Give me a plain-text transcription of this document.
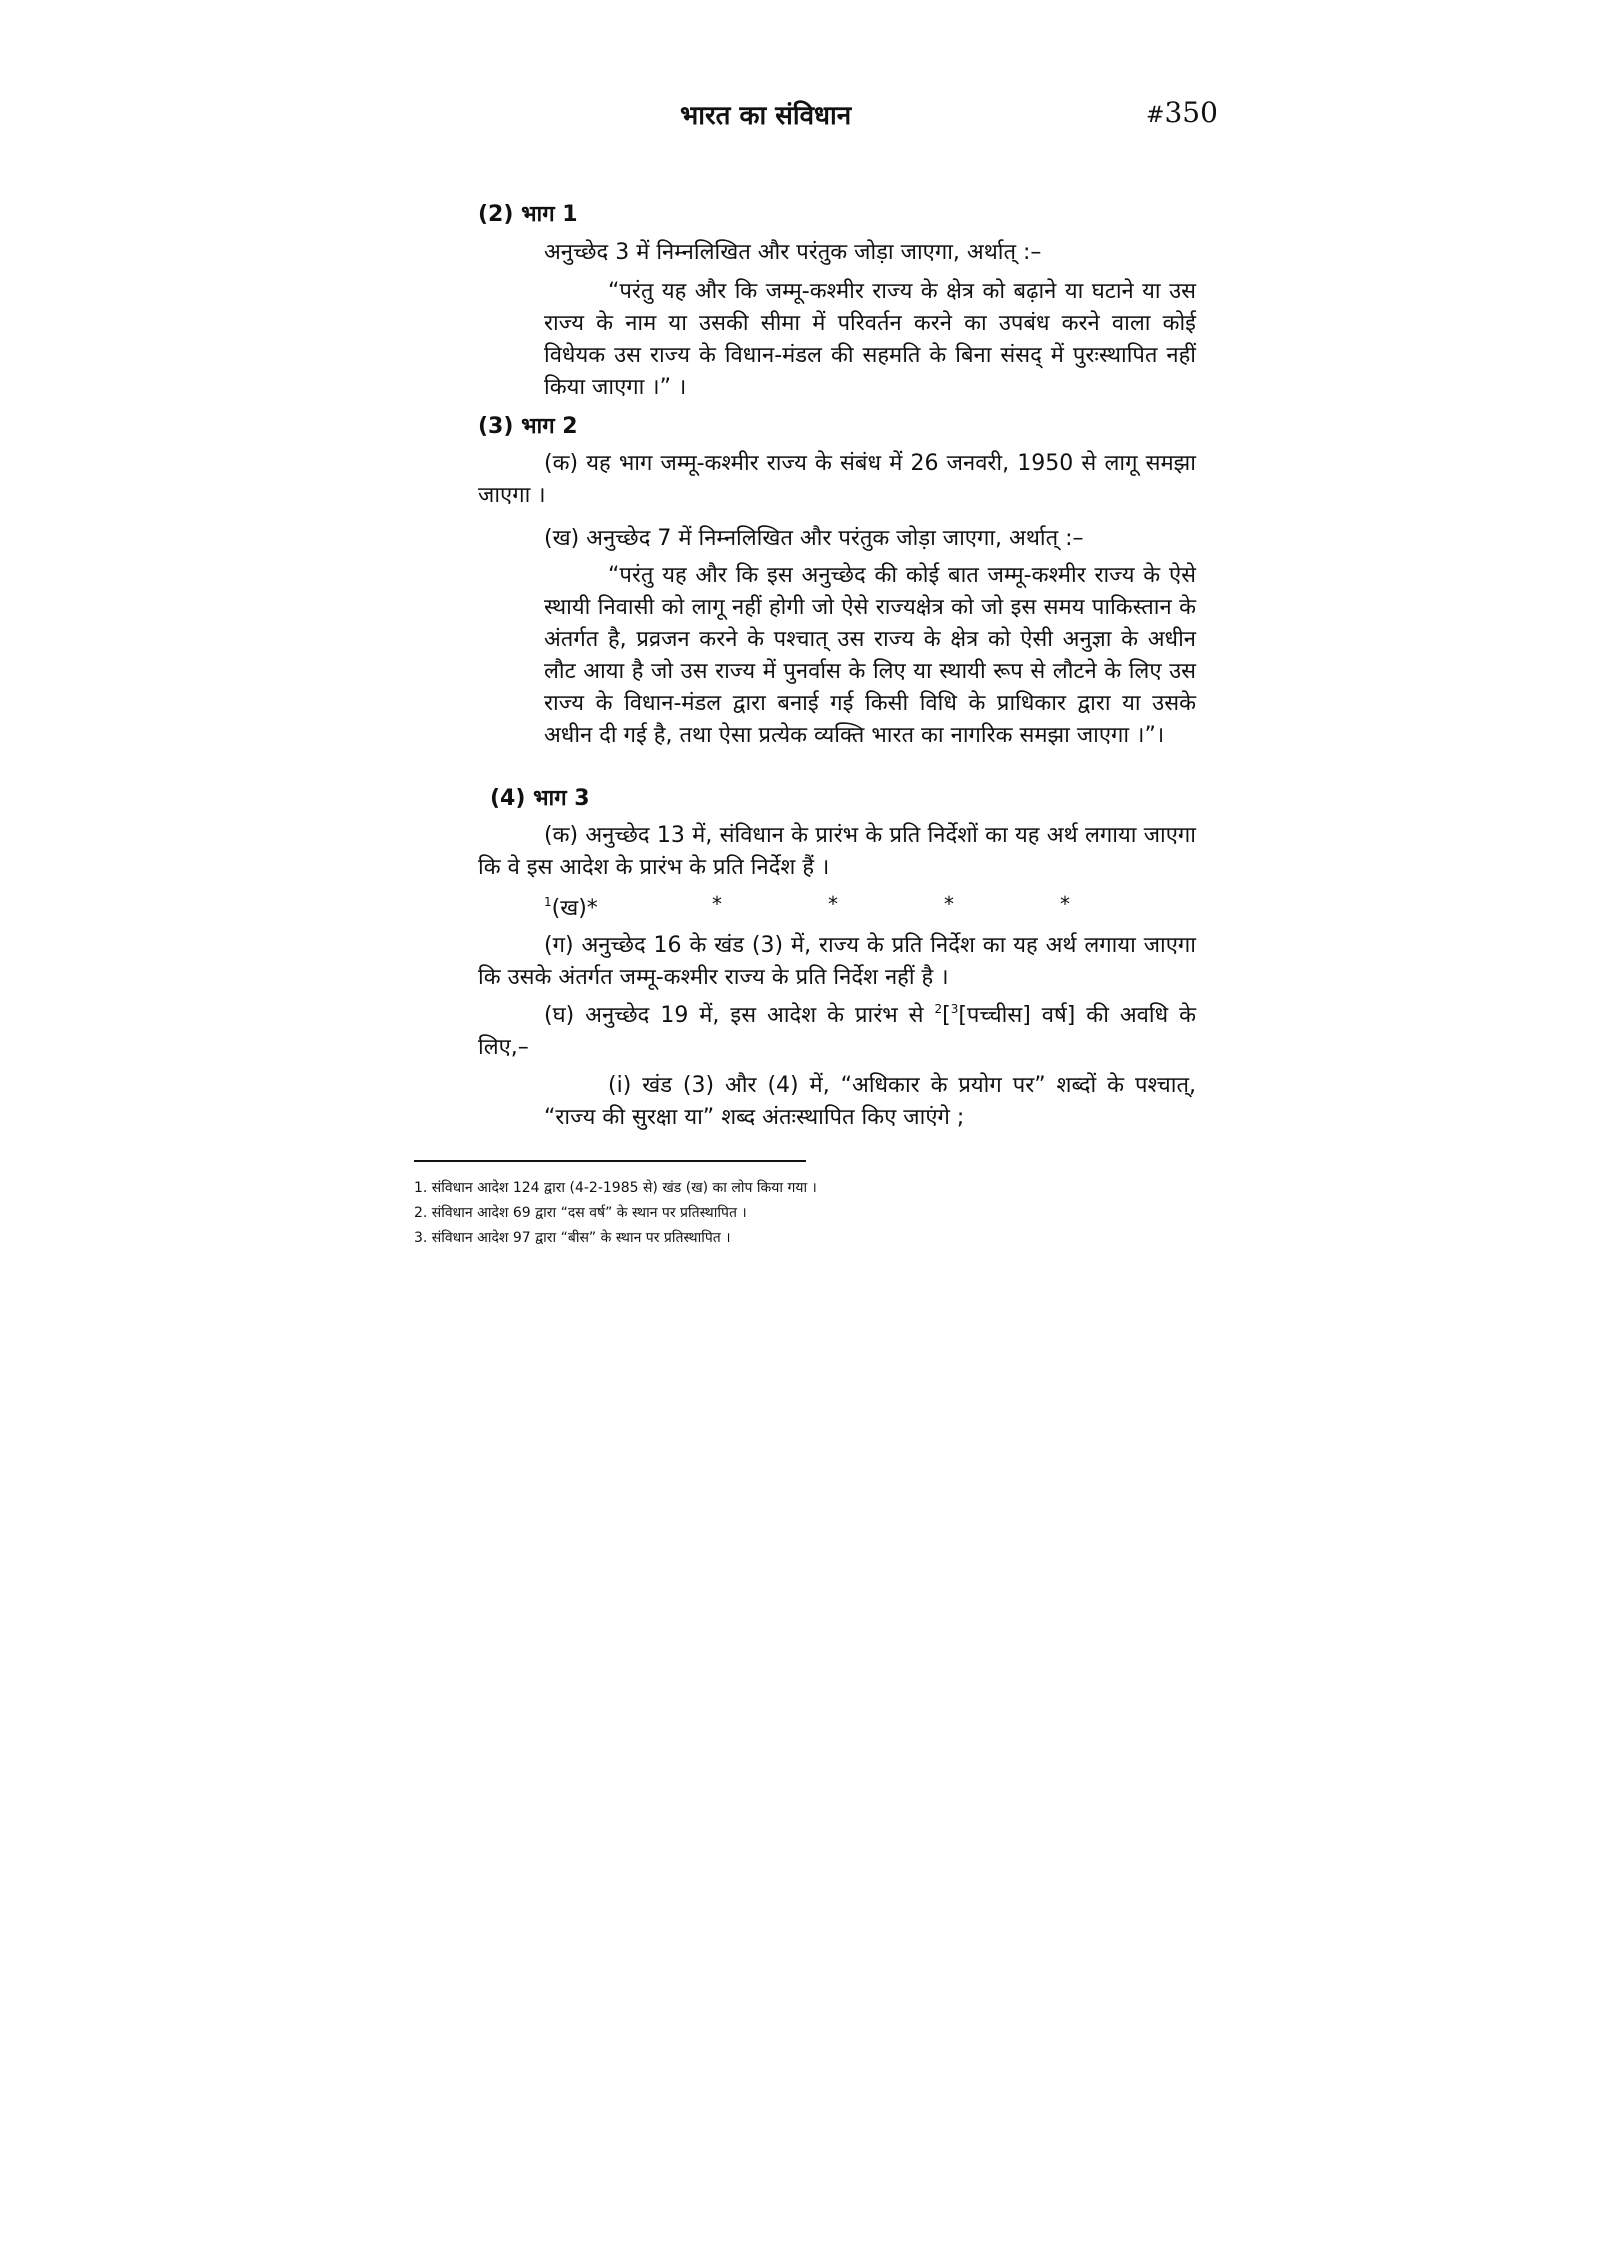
भारत का संविधान	#350
(2) भाग 1
अनुच्छेद 3 में निम्नलिखित और परंतुक जोड़ा जाएगा, अर्थात् :–
“परंतु यह और कि जम्मू-कश्मीर राज्य के क्षेत्र को बढ़ाने या घटाने या उस राज्य के नाम या उसकी सीमा में परिवर्तन करने का उपबंध करने वाला कोई विधेयक उस राज्य के विधान-मंडल की सहमति के बिना संसद् में पुरःस्थापित नहीं किया जाएगा ।” ।
(3) भाग 2
(क) यह भाग जम्मू-कश्मीर राज्य के संबंध में 26 जनवरी, 1950 से लागू समझा जाएगा ।
(ख) अनुच्छेद 7 में निम्नलिखित और परंतुक जोड़ा जाएगा, अर्थात् :–
“परंतु यह और कि इस अनुच्छेद की कोई बात जम्मू-कश्मीर राज्य के ऐसे स्थायी निवासी को लागू नहीं होगी जो ऐसे राज्यक्षेत्र को जो इस समय पाकिस्तान के अंतर्गत है, प्रव्रजन करने के पश्चात् उस राज्य के क्षेत्र को ऐसी अनुज्ञा के अधीन लौट आया है जो उस राज्य में पुनर्वास के लिए या स्थायी रूप से लौटने के लिए उस राज्य के विधान-मंडल द्वारा बनाई गई किसी विधि के प्राधिकार द्वारा या उसके अधीन दी गई है, तथा ऐसा प्रत्येक व्यक्ति भारत का नागरिक समझा जाएगा ।”।
(4) भाग 3
(क) अनुच्छेद 13 में, संविधान के प्रारंभ के प्रति निर्देशों का यह अर्थ लगाया जाएगा कि वे इस आदेश के प्रारंभ के प्रति निर्देश हैं ।
$^1$(ख)*	*	*	*	*
(ग) अनुच्छेद 16 के खंड (3) में, राज्य के प्रति निर्देश का यह अर्थ लगाया जाएगा कि उसके अंतर्गत जम्मू-कश्मीर राज्य के प्रति निर्देश नहीं है ।
(घ) अनुच्छेद 19 में, इस आदेश के प्रारंभ से $^2$[$^3$[पच्चीस] वर्ष] की अवधि के लिए,–
(i) खंड (3) और (4) में, “अधिकार के प्रयोग पर” शब्दों के पश्चात्, “राज्य की सुरक्षा या” शब्द अंतःस्थापित किए जाएंगे ;
1. संविधान आदेश 124 द्वारा (4-2-1985 से) खंड (ख) का लोप किया गया ।
2. संविधान आदेश 69 द्वारा “दस वर्ष” के स्थान पर प्रतिस्थापित ।
3. संविधान आदेश 97 द्वारा “बीस” के स्थान पर प्रतिस्थापित ।
